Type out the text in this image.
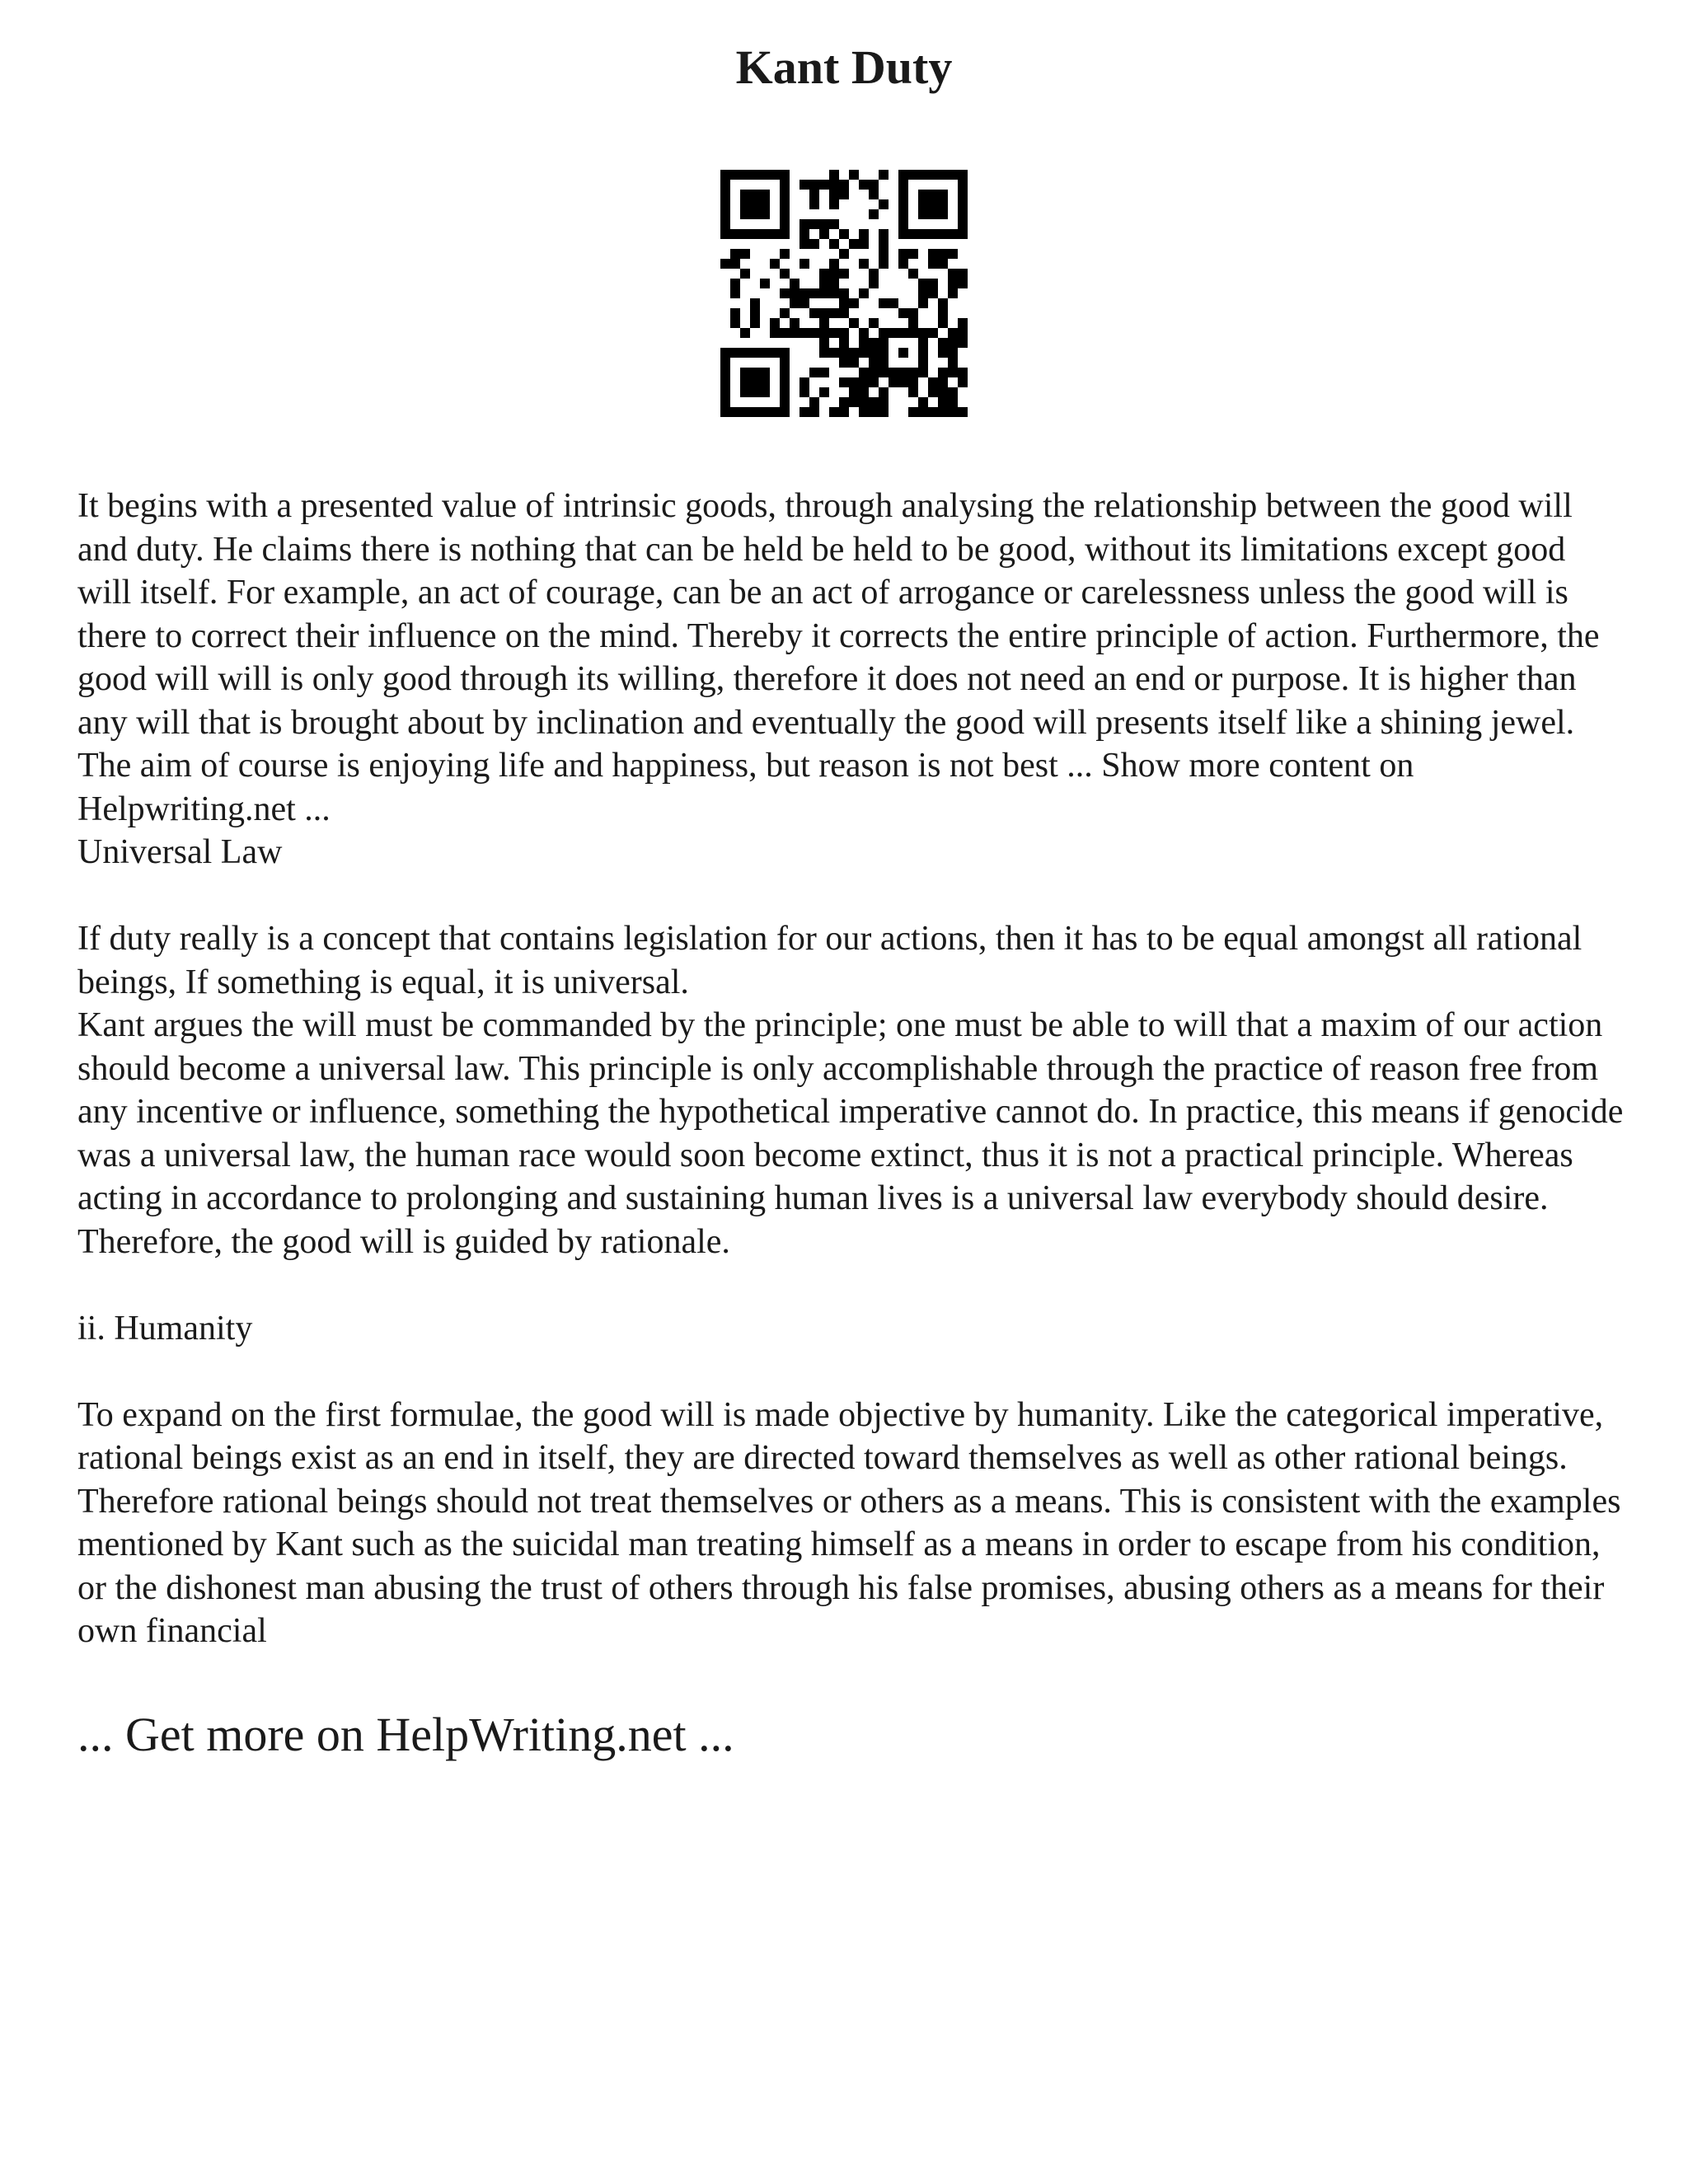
Kant Duty

It begins with a presented value of intrinsic goods, through analysing the relationship between the good will and duty. He claims there is nothing that can be held be held to be good, without its limitations except good will itself. For example, an act of courage, can be an act of arrogance or carelessness unless the good will is there to correct their influence on the mind. Thereby it corrects the entire principle of action. Furthermore, the good will will is only good through its willing, therefore it does not need an end or purpose. It is higher than any will that is brought about by inclination and eventually the good will presents itself like a shining jewel. The aim of course is enjoying life and happiness, but reason is not best ... Show more content on Helpwriting.net ...

Universal Law

If duty really is a concept that contains legislation for our actions, then it has to be equal amongst all rational beings, If something is equal, it is universal.

Kant argues the will must be commanded by the principle; one must be able to will that a maxim of our action should become a universal law. This principle is only accomplishable through the practice of reason free from any incentive or influence, something the hypothetical imperative cannot do. In practice, this means if genocide was a universal law, the human race would soon become extinct, thus it is not a practical principle. Whereas acting in accordance to prolonging and sustaining human lives is a universal law everybody should desire. Therefore, the good will is guided by rationale.

ii. Humanity

To expand on the first formulae, the good will is made objective by humanity. Like the categorical imperative, rational beings exist as an end in itself, they are directed toward themselves as well as other rational beings. Therefore rational beings should not treat themselves or others as a means. This is consistent with the examples mentioned by Kant such as the suicidal man treating himself as a means in order to escape from his condition, or the dishonest man abusing the trust of others through his false promises, abusing others as a means for their own financial

... Get more on HelpWriting.net ...
